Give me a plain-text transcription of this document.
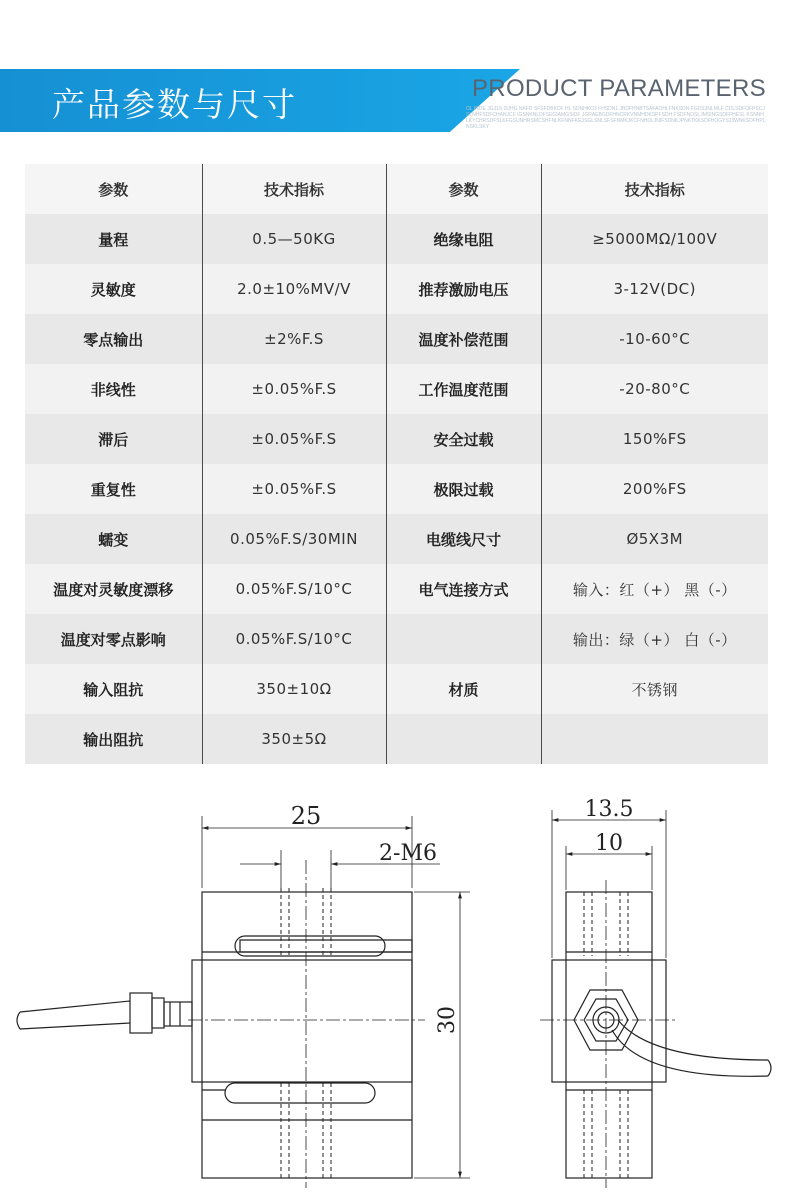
产品参数与尺寸	PRODUCT PARAMETERS
OL IRDE JGJ1S 0UHG NKFD SFSFDBKDF HL SDNHKO3 FHSDN1 JBDFHNBTSAFAOHLFNKSDN FGDS3NLMLF CDLSDFOFPSCJSLNHFSDFCHANJCF IGSNKNLDFSEGIAMGSIDF JGRAEBGDFHNCRKVNMHDKSPFSDH FSDFNOSLJMSINGSDFFHESL KSNNHLKYCHRSDFSLKFGSUNHRSMCSHFNLKFNNFKE3SGLSNLSFSFNMKJKCFNHDLJNIFSDNKJPNKTKKSDFHOGYSJ3WNKSDFHPLNSKLSKY
参数	技术指标	参数	技术指标
量程	0.5—50KG	绝缘电阻	≥5000MΩ/100V
灵敏度	2.0±10%MV/V	推荐激励电压	3-12V(DC)
零点输出	±2%F.S	温度补偿范围	-10-60°C
非线性	±0.05%F.S	工作温度范围	-20-80°C
滞后	±0.05%F.S	安全过载	150%FS
重复性	±0.05%F.S	极限过载	200%FS
蠕变	0.05%F.S/30MIN	电缆线尺寸	Ø5X3M
温度对灵敏度漂移	0.05%F.S/10°C	电气连接方式	输入：红（+） 黑（-）
温度对零点影响	0.05%F.S/10°C		输出：绿（+） 白（-）
输入阻抗	350±10Ω	材质	不锈钢
输出阻抗	350±5Ω		
25
2-M6
30
13.5
10
